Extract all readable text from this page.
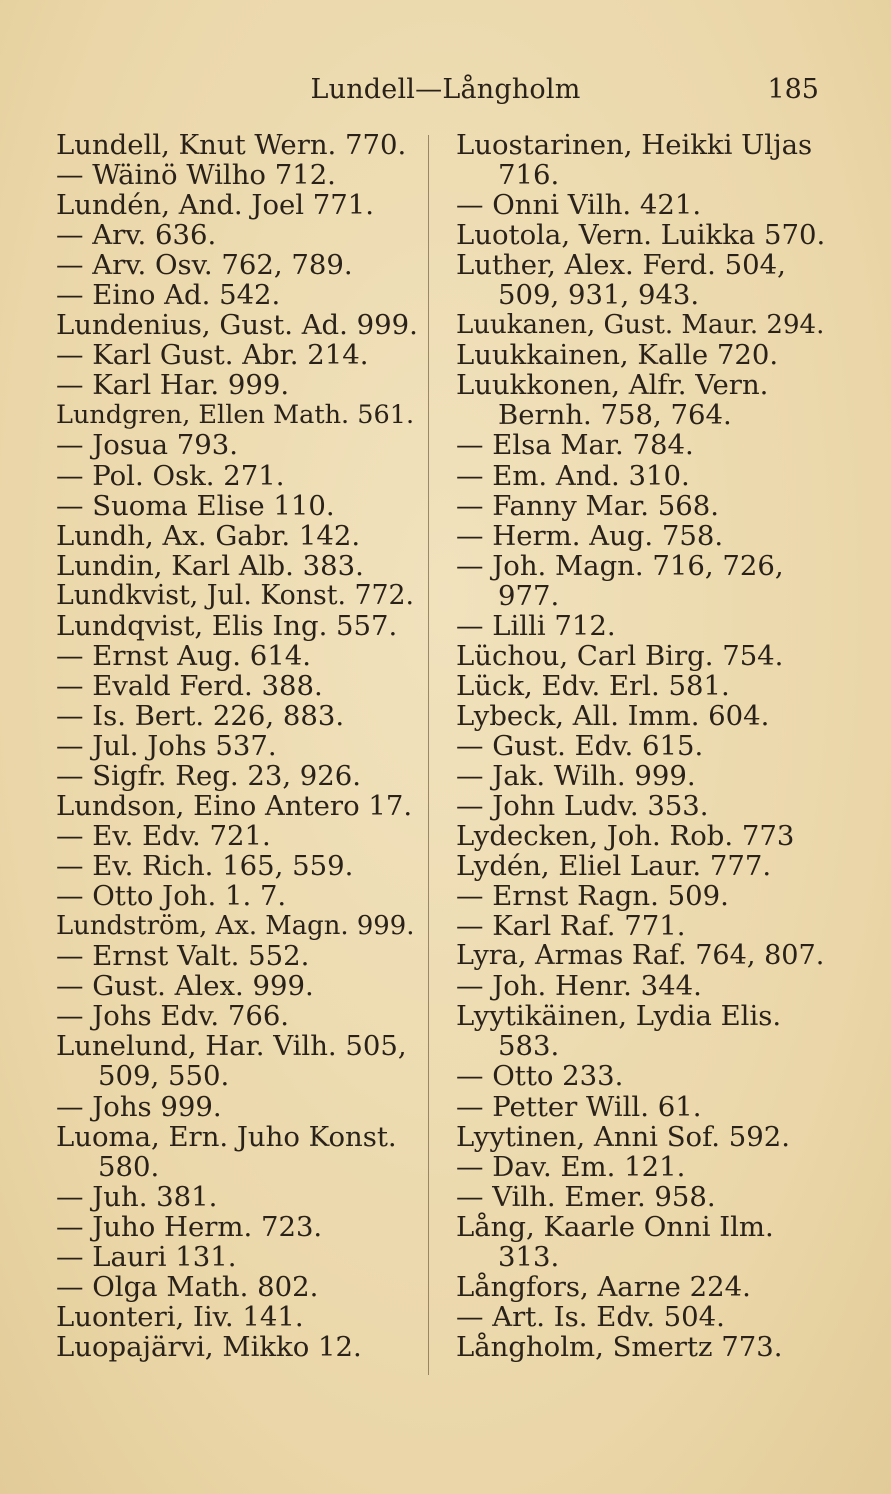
Lundell—Långholm	185
Lundell, Knut Wern. 770.
— Wäinö Wilho 712.
Lundén, And. Joel 771.
— Arv. 636.
— Arv. Osv. 762, 789.
— Eino Ad. 542.
Lundenius, Gust. Ad. 999.
— Karl Gust. Abr. 214.
— Karl Har. 999.
Lundgren, Ellen Math. 561.
— Josua 793.
— Pol. Osk. 271.
— Suoma Elise 110.
Lundh, Ax. Gabr. 142.
Lundin, Karl Alb. 383.
Lundkvist, Jul. Konst. 772.
Lundqvist, Elis Ing. 557.
— Ernst Aug. 614.
— Evald Ferd. 388.
— Is. Bert. 226, 883.
— Jul. Johs 537.
— Sigfr. Reg. 23, 926.
Lundson, Eino Antero 17.
— Ev. Edv. 721.
— Ev. Rich. 165, 559.
— Otto Joh. 1. 7.
Lundström, Ax. Magn. 999.
— Ernst Valt. 552.
— Gust. Alex. 999.
— Johs Edv. 766.
Lunelund, Har. Vilh. 505,
509, 550.
— Johs 999.
Luoma, Ern. Juho Konst.
580.
— Juh. 381.
— Juho Herm. 723.
— Lauri 131.
— Olga Math. 802.
Luonteri, Iiv. 141.
Luopajärvi, Mikko 12.
Luostarinen, Heikki Uljas
716.
— Onni Vilh. 421.
Luotola, Vern. Luikka 570.
Luther, Alex. Ferd. 504,
509, 931, 943.
Luukanen, Gust. Maur. 294.
Luukkainen, Kalle 720.
Luukkonen, Alfr. Vern.
Bernh. 758, 764.
— Elsa Mar. 784.
— Em. And. 310.
— Fanny Mar. 568.
— Herm. Aug. 758.
— Joh. Magn. 716, 726,
977.
— Lilli 712.
Lüchou, Carl Birg. 754.
Lück, Edv. Erl. 581.
Lybeck, All. Imm. 604.
— Gust. Edv. 615.
— Jak. Wilh. 999.
— John Ludv. 353.
Lydecken, Joh. Rob. 773
Lydén, Eliel Laur. 777.
— Ernst Ragn. 509.
— Karl Raf. 771.
Lyra, Armas Raf. 764, 807.
— Joh. Henr. 344.
Lyytikäinen, Lydia Elis.
583.
— Otto 233.
— Petter Will. 61.
Lyytinen, Anni Sof. 592.
— Dav. Em. 121.
— Vilh. Emer. 958.
Lång, Kaarle Onni Ilm.
313.
Långfors, Aarne 224.
— Art. Is. Edv. 504.
Långholm, Smertz 773.
